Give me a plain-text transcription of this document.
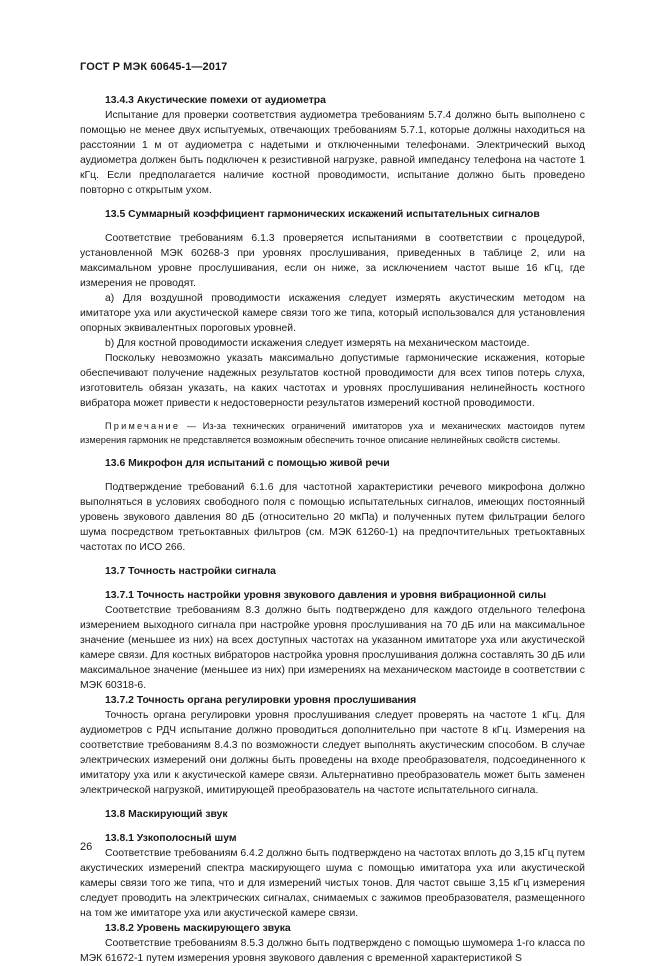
ГОСТ Р МЭК 60645-1—2017

13.4.3 Акустические помехи от аудиометра

Испытание для проверки соответствия аудиометра требованиям 5.7.4 должно быть выполнено с помощью не менее двух испытуемых, отвечающих требованиям 5.7.1, которые должны находиться на расстоянии 1 м от аудиометра с надетыми и отключенными телефонами. Электрический выход аудиометра должен быть подключен к резистивной нагрузке, равной импедансу телефона на частоте 1 кГц. Если предполагается наличие костной проводимости, испытание должно быть проведено повторно с открытым ухом.

13.5 Суммарный коэффициент гармонических искажений испытательных сигналов

Соответствие требованиям 6.1.3 проверяется испытаниями в соответствии с процедурой, установленной МЭК 60268-3 при уровнях прослушивания, приведенных в таблице 2, или на максимальном уровне прослушивания, если он ниже, за исключением частот выше 16 кГц, где измерения не проводят.

a) Для воздушной проводимости искажения следует измерять акустическим методом на имитаторе уха или акустической камере связи того же типа, который использовался для установления опорных эквивалентных пороговых уровней.

b) Для костной проводимости искажения следует измерять на механическом мастоиде.

Поскольку невозможно указать максимально допустимые гармонические искажения, которые обеспечивают получение надежных результатов костной проводимости для всех типов потерь слуха, изготовитель обязан указать, на каких частотах и уровнях прослушивания нелинейность костного вибратора может привести к недостоверности результатов измерений костной проводимости.

Примечание — Из-за технических ограничений имитаторов уха и механических мастоидов путем измерения гармоник не представляется возможным обеспечить точное описание нелинейных свойств системы.

13.6 Микрофон для испытаний с помощью живой речи

Подтверждение требований 6.1.6 для частотной характеристики речевого микрофона должно выполняться в условиях свободного поля с помощью испытательных сигналов, имеющих постоянный уровень звукового давления 80 дБ (относительно 20 мкПа) и полученных путем фильтрации белого шума посредством третьоктавных фильтров (см. МЭК 61260-1) на предпочтительных третьоктавных частотах по ИСО 266.

13.7 Точность настройки сигнала

13.7.1 Точность настройки уровня звукового давления и уровня вибрационной силы

Соответствие требованиям 8.3 должно быть подтверждено для каждого отдельного телефона измерением выходного сигнала при настройке уровня прослушивания на 70 дБ или на максимальное значение (меньшее из них) на всех доступных частотах на указанном имитаторе уха или акустической камере связи. Для костных вибраторов настройка уровня прослушивания должна составлять 30 дБ или максимальное значение (меньшее из них) при измерениях на механическом мастоиде в соответствии с МЭК 60318-6.

13.7.2 Точность органа регулировки уровня прослушивания

Точность органа регулировки уровня прослушивания следует проверять на частоте 1 кГц. Для аудиометров с РДЧ испытание должно проводиться дополнительно при частоте 8 кГц. Измерения на соответствие требованиям 8.4.3 по возможности следует выполнять акустическим способом. В случае электрических измерений они должны быть проведены на входе преобразователя, подсоединенного к имитатору уха или к акустической камере связи. Альтернативно преобразователь может быть заменен электрической нагрузкой, имитирующей преобразователь на частоте испытательного сигнала.

13.8 Маскирующий звук

13.8.1 Узкополосный шум

Соответствие требованиям 6.4.2 должно быть подтверждено на частотах вплоть до 3,15 кГц путем акустических измерений спектра маскирующего шума с помощью имитатора уха или акустической камеры связи того же типа, что и для измерений чистых тонов. Для частот свыше 3,15 кГц измерения следует проводить на электрических сигналах, снимаемых с зажимов преобразователя, размещенного на том же имитаторе уха или акустической камере связи.

13.8.2 Уровень маскирующего звука

Соответствие требованиям 8.5.3 должно быть подтверждено с помощью шумомера 1-го класса по МЭК 61672-1 путем измерения уровня звукового давления с временной характеристикой S

26
